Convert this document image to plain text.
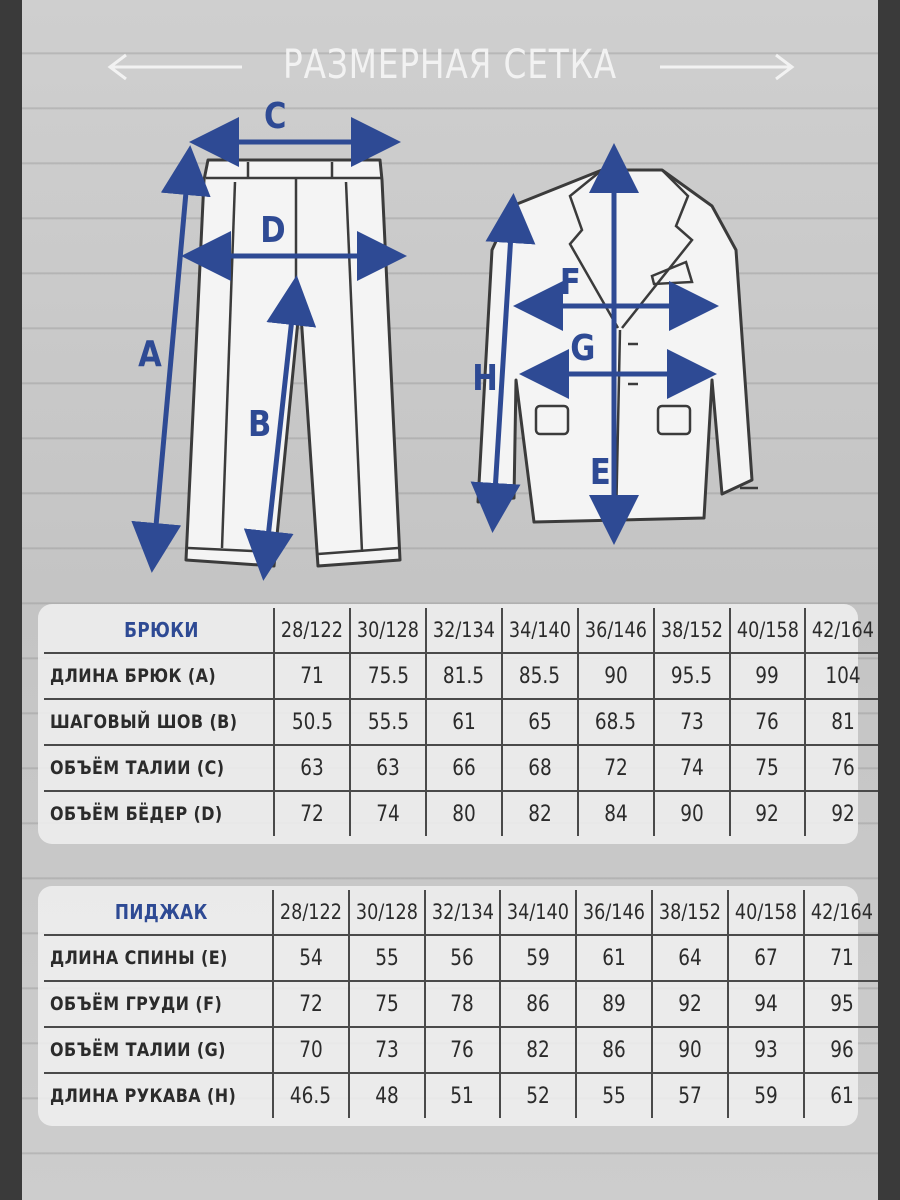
РАЗМЕРНАЯ СЕТКА
C
D
A
B
F
G
H
E
БРЮКИ	28/122	30/128	32/134	34/140	36/146	38/152	40/158	42/164
ДЛИНА БРЮК (A)	71	75.5	81.5	85.5	90	95.5	99	104
ШАГОВЫЙ ШОВ (B)	50.5	55.5	61	65	68.5	73	76	81
ОБЪЁМ ТАЛИИ (C)	63	63	66	68	72	74	75	76
ОБЪЁМ БЁДЕР (D)	72	74	80	82	84	90	92	92
ПИДЖАК	28/122	30/128	32/134	34/140	36/146	38/152	40/158	42/164
ДЛИНА СПИНЫ (E)	54	55	56	59	61	64	67	71
ОБЪЁМ ГРУДИ (F)	72	75	78	86	89	92	94	95
ОБЪЁМ ТАЛИИ (G)	70	73	76	82	86	90	93	96
ДЛИНА РУКАВА (H)	46.5	48	51	52	55	57	59	61
